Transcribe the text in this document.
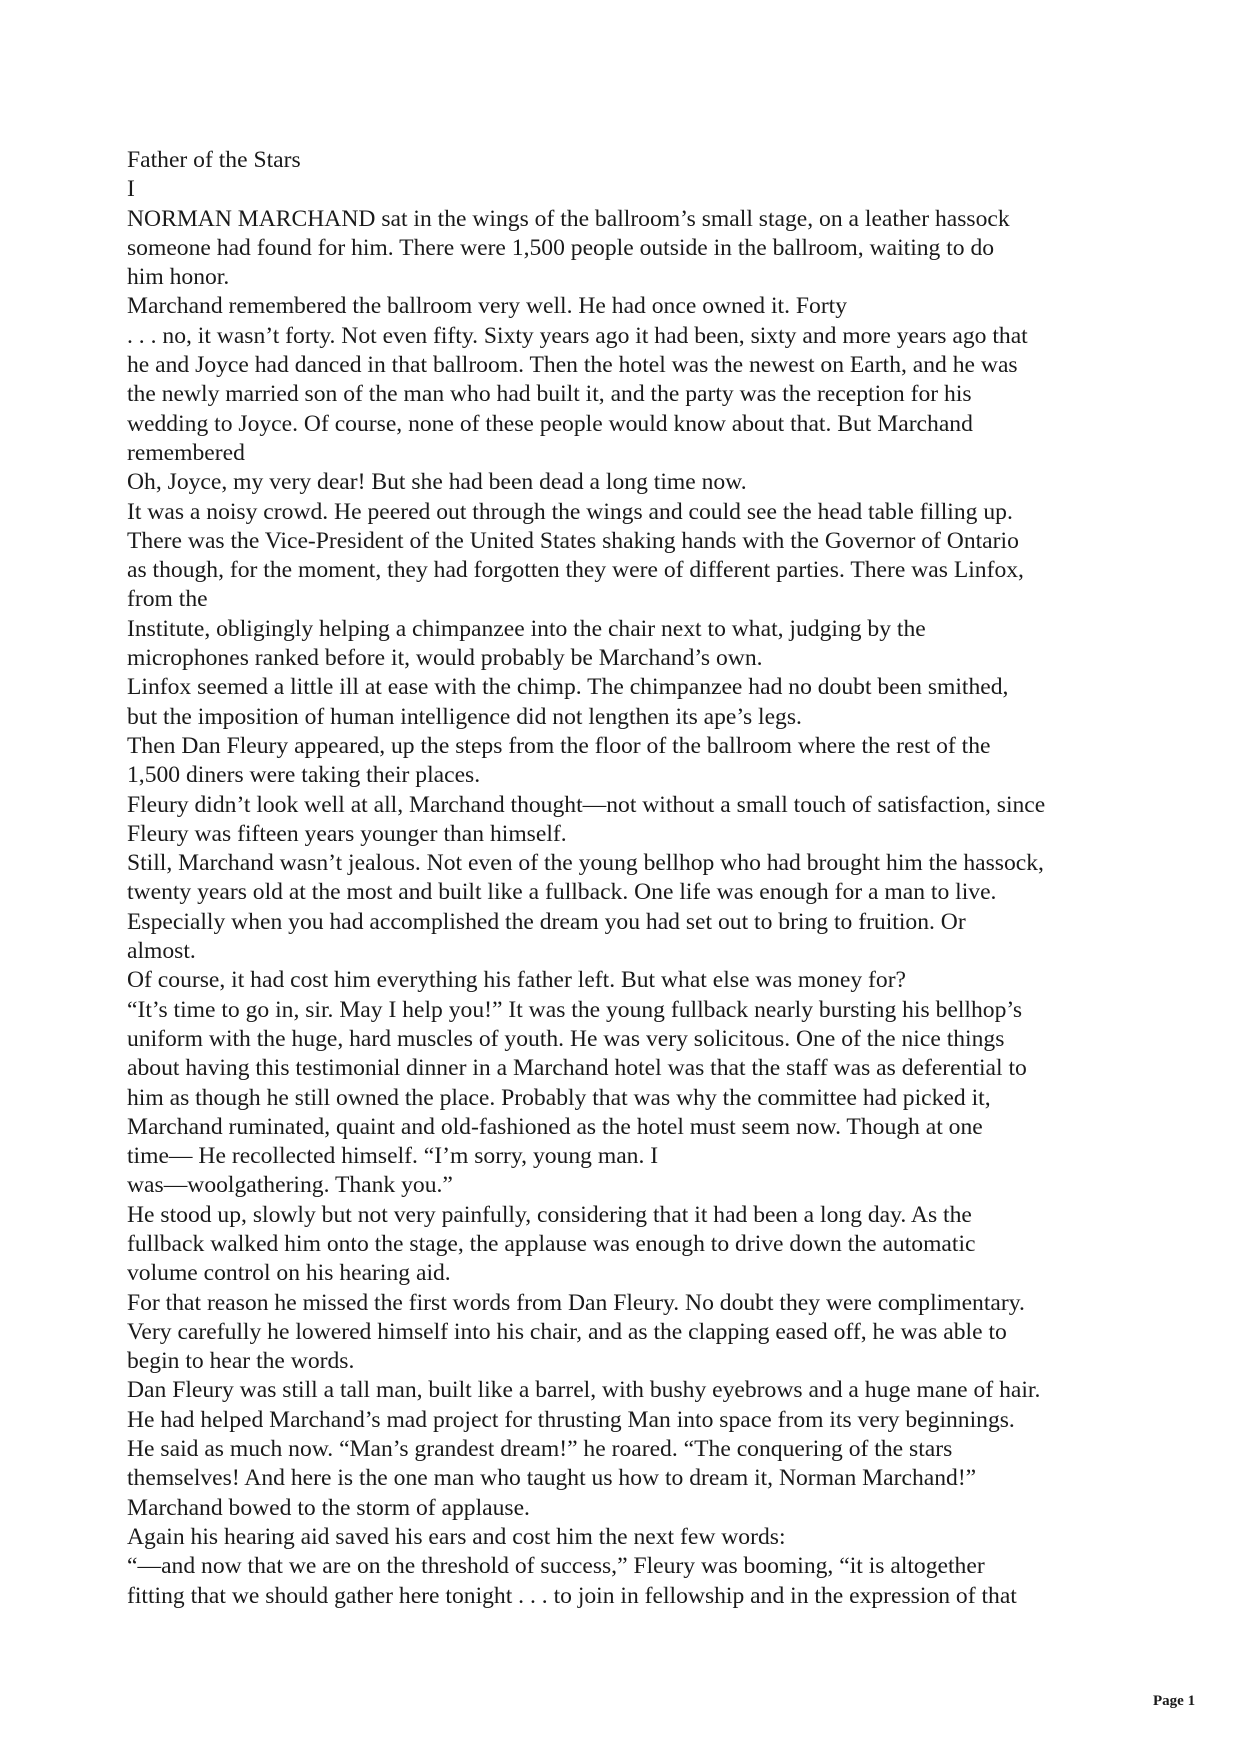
Father of the Stars
I
NORMAN MARCHAND sat in the wings of the ballroom’s small stage, on a leather hassock
someone had found for him. There were 1,500 people outside in the ballroom, waiting to do
him honor.
Marchand remembered the ballroom very well. He had once owned it. Forty
. . . no, it wasn’t forty. Not even fifty. Sixty years ago it had been, sixty and more years ago that
he and Joyce had danced in that ballroom. Then the hotel was the newest on Earth, and he was
the newly married son of the man who had built it, and the party was the reception for his
wedding to Joyce. Of course, none of these people would know about that. But Marchand
remembered
Oh, Joyce, my very dear! But she had been dead a long time now.
It was a noisy crowd. He peered out through the wings and could see the head table filling up.
There was the Vice-President of the United States shaking hands with the Governor of Ontario
as though, for the moment, they had forgotten they were of different parties. There was Linfox,
from the
Institute, obligingly helping a chimpanzee into the chair next to what, judging by the
microphones ranked before it, would probably be Marchand’s own.
Linfox seemed a little ill at ease with the chimp. The chimpanzee had no doubt been smithed,
but the imposition of human intelligence did not lengthen its ape’s legs.
Then Dan Fleury appeared, up the steps from the floor of the ballroom where the rest of the
1,500 diners were taking their places.
Fleury didn’t look well at all, Marchand thought—not without a small touch of satisfaction, since
Fleury was fifteen years younger than himself.
Still, Marchand wasn’t jealous. Not even of the young bellhop who had brought him the hassock,
twenty years old at the most and built like a fullback. One life was enough for a man to live.
Especially when you had accomplished the dream you had set out to bring to fruition. Or
almost.
Of course, it had cost him everything his father left. But what else was money for?
“It’s time to go in, sir. May I help you!” It was the young fullback nearly bursting his bellhop’s
uniform with the huge, hard muscles of youth. He was very solicitous. One of the nice things
about having this testimonial dinner in a Marchand hotel was that the staff was as deferential to
him as though he still owned the place. Probably that was why the committee had picked it,
Marchand ruminated, quaint and old-fashioned as the hotel must seem now. Though at one
time— He recollected himself. “I’m sorry, young man. I
was—woolgathering. Thank you.”
He stood up, slowly but not very painfully, considering that it had been a long day. As the
fullback walked him onto the stage, the applause was enough to drive down the automatic
volume control on his hearing aid.
For that reason he missed the first words from Dan Fleury. No doubt they were complimentary.
Very carefully he lowered himself into his chair, and as the clapping eased off, he was able to
begin to hear the words.
Dan Fleury was still a tall man, built like a barrel, with bushy eyebrows and a huge mane of hair.
He had helped Marchand’s mad project for thrusting Man into space from its very beginnings.
He said as much now. “Man’s grandest dream!” he roared. “The conquering of the stars
themselves! And here is the one man who taught us how to dream it, Norman Marchand!”
Marchand bowed to the storm of applause.
Again his hearing aid saved his ears and cost him the next few words:
“—and now that we are on the threshold of success,” Fleury was booming, “it is altogether
fitting that we should gather here tonight . . . to join in fellowship and in the expression of that
Page 1
